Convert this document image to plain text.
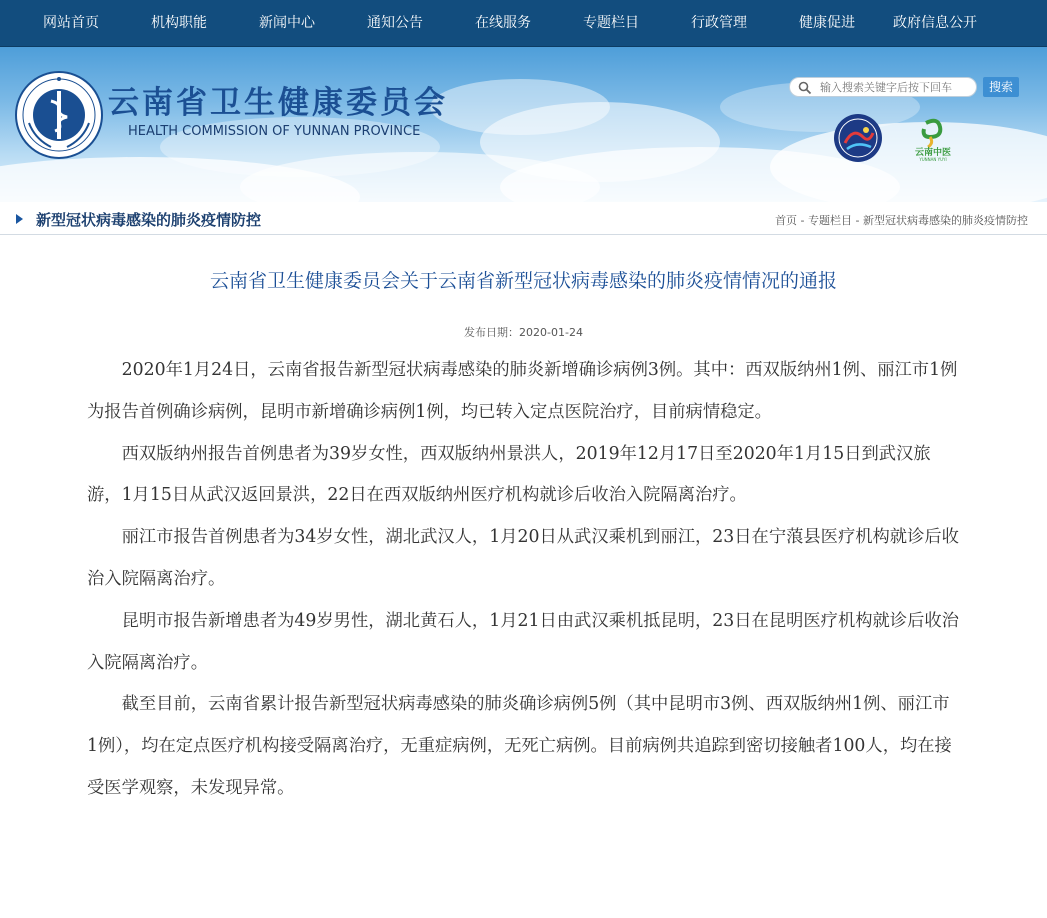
网站首页	机构职能	新闻中心	通知公告	在线服务	专题栏目	行政管理	健康促进	政府信息公开
云南省卫生健康委员会
HEALTH COMMISSION OF YUNNAN PROVINCE
输入搜索关键字后按下回车
搜索
云南中医
YUNNAN YUYI
新型冠状病毒感染的肺炎疫情防控	首页 - 专题栏目 - 新型冠状病毒感染的肺炎疫情防控
云南省卫生健康委员会关于云南省新型冠状病毒感染的肺炎疫情情况的通报
发布日期：2020-01-24

2020年1月24日，云南省报告新型冠状病毒感染的肺炎新增确诊病例3例。其中：西双版纳州1例、丽江市1例为报告首例确诊病例，昆明市新增确诊病例1例，均已转入定点医院治疗，目前病情稳定。

西双版纳州报告首例患者为39岁女性，西双版纳州景洪人，2019年12月17日至2020年1月15日到武汉旅游，1月15日从武汉返回景洪，22日在西双版纳州医疗机构就诊后收治入院隔离治疗。

丽江市报告首例患者为34岁女性，湖北武汉人，1月20日从武汉乘机到丽江，23日在宁蒗县医疗机构就诊后收治入院隔离治疗。

昆明市报告新增患者为49岁男性，湖北黄石人，1月21日由武汉乘机抵昆明，23日在昆明医疗机构就诊后收治入院隔离治疗。

截至目前，云南省累计报告新型冠状病毒感染的肺炎确诊病例5例（其中昆明市3例、西双版纳州1例、丽江市1例），均在定点医疗机构接受隔离治疗，无重症病例，无死亡病例。目前病例共追踪到密切接触者100人，均在接受医学观察，未发现异常。
